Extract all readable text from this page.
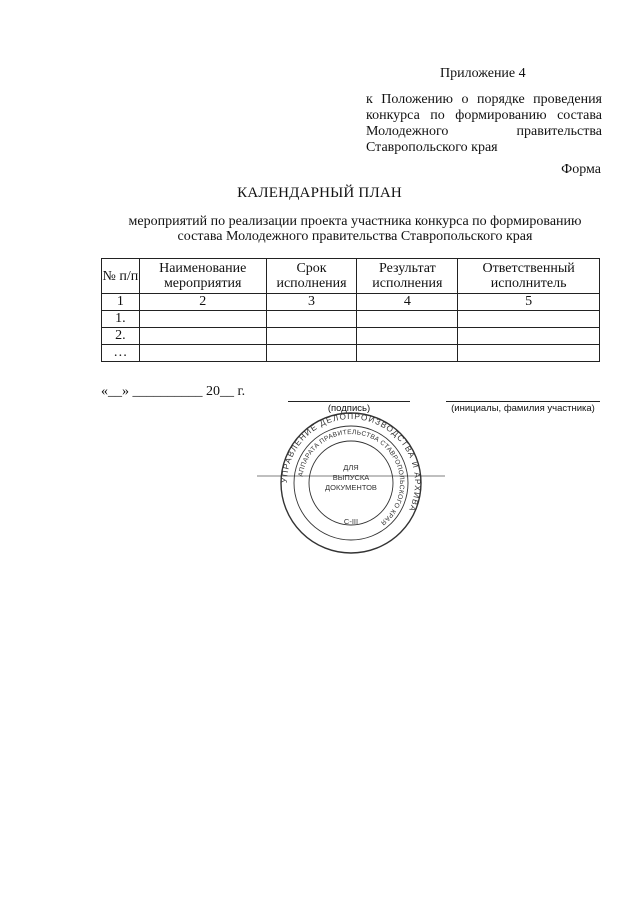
Приложение 4
к Положению о порядке проведения конкурса по формированию состава Молодежного правительства Ставропольского края
Форма
КАЛЕНДАРНЫЙ ПЛАН
мероприятий по реализации проекта участника конкурса по формированию состава Молодежного правительства Ставропольского края
№ п/п	Наименование мероприятия	Срок исполнения	Результат исполнения	Ответственный исполнитель
1	2	3	4	5
1.				
2.				
…				
«__» __________ 20__ г.
(подпись)	(инициалы, фамилия участника)
УПРАВЛЕНИЕ ДЕЛОПРОИЗВОДСТВА И АРХИВА
АППАРАТА ПРАВИТЕЛЬСТВА СТАВРОПОЛЬСКОГО КРАЯ
ДЛЯ
ВЫПУСКА
ДОКУМЕНТОВ
С-III
